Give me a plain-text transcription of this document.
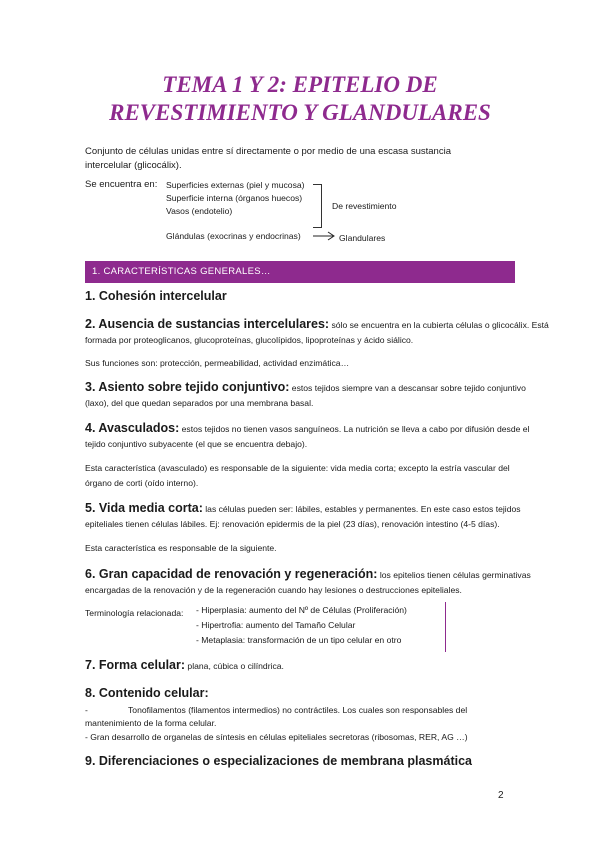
TEMA 1 Y 2: EPITELIO DE
REVESTIMIENTO Y GLANDULARES
Conjunto de células unidas entre sí directamente o por medio de una escasa sustancia
intercelular (glicocálix).
Se encuentra en: Superficies externas (piel y mucosa)
Superficie interna (órganos huecos)
Vasos (endotelio)	De revestimiento
Glándulas (exocrinas y endocrinas)	Glandulares
1. CARACTERÍSTICAS GENERALES…
1. Cohesión intercelular
2. Ausencia de sustancias intercelulares: sólo se encuentra en la cubierta células o glicocálix. Está
formada por proteoglicanos, glucoproteínas, glucolípidos, lipoproteínas y ácido siálico.
Sus funciones son: protección, permeabilidad, actividad enzimática…
3. Asiento sobre tejido conjuntivo: estos tejidos siempre van a descansar sobre tejido conjuntivo
(laxo), del que quedan separados por una membrana basal.
4. Avasculados: estos tejidos no tienen vasos sanguíneos. La nutrición se lleva a cabo por difusión desde el
tejido conjuntivo subyacente (el que se encuentra debajo).
Esta característica (avasculado) es responsable de la siguiente: vida media corta; excepto la estría vascular del
órgano de corti (oído interno).
5. Vida media corta: las células pueden ser: lábiles, estables y permanentes. En este caso estos tejidos
epiteliales tienen células lábiles. Ej: renovación epidermis de la piel (23 días), renovación intestino (4-5 días).
Esta característica es responsable de la siguiente.
6. Gran capacidad de renovación y regeneración: los epitelios tienen células germinativas
encargadas de la renovación y de la regeneración cuando hay lesiones o destrucciones epiteliales.
Terminología relacionada: - Hiperplasia: aumento del Nº de Células (Proliferación)
- Hipertrofia: aumento del Tamaño Celular
- Metaplasia: transformación de un tipo celular en otro
7. Forma celular: plana, cúbica o cilíndrica.
8. Contenido celular:
-	Tonofilamentos (filamentos intermedios) no contráctiles. Los cuales son responsables del
mantenimiento de la forma celular.
- Gran desarrollo de organelas de síntesis en células epiteliales secretoras (ribosomas, RER, AG …)
9. Diferenciaciones o especializaciones de membrana plasmática
2
